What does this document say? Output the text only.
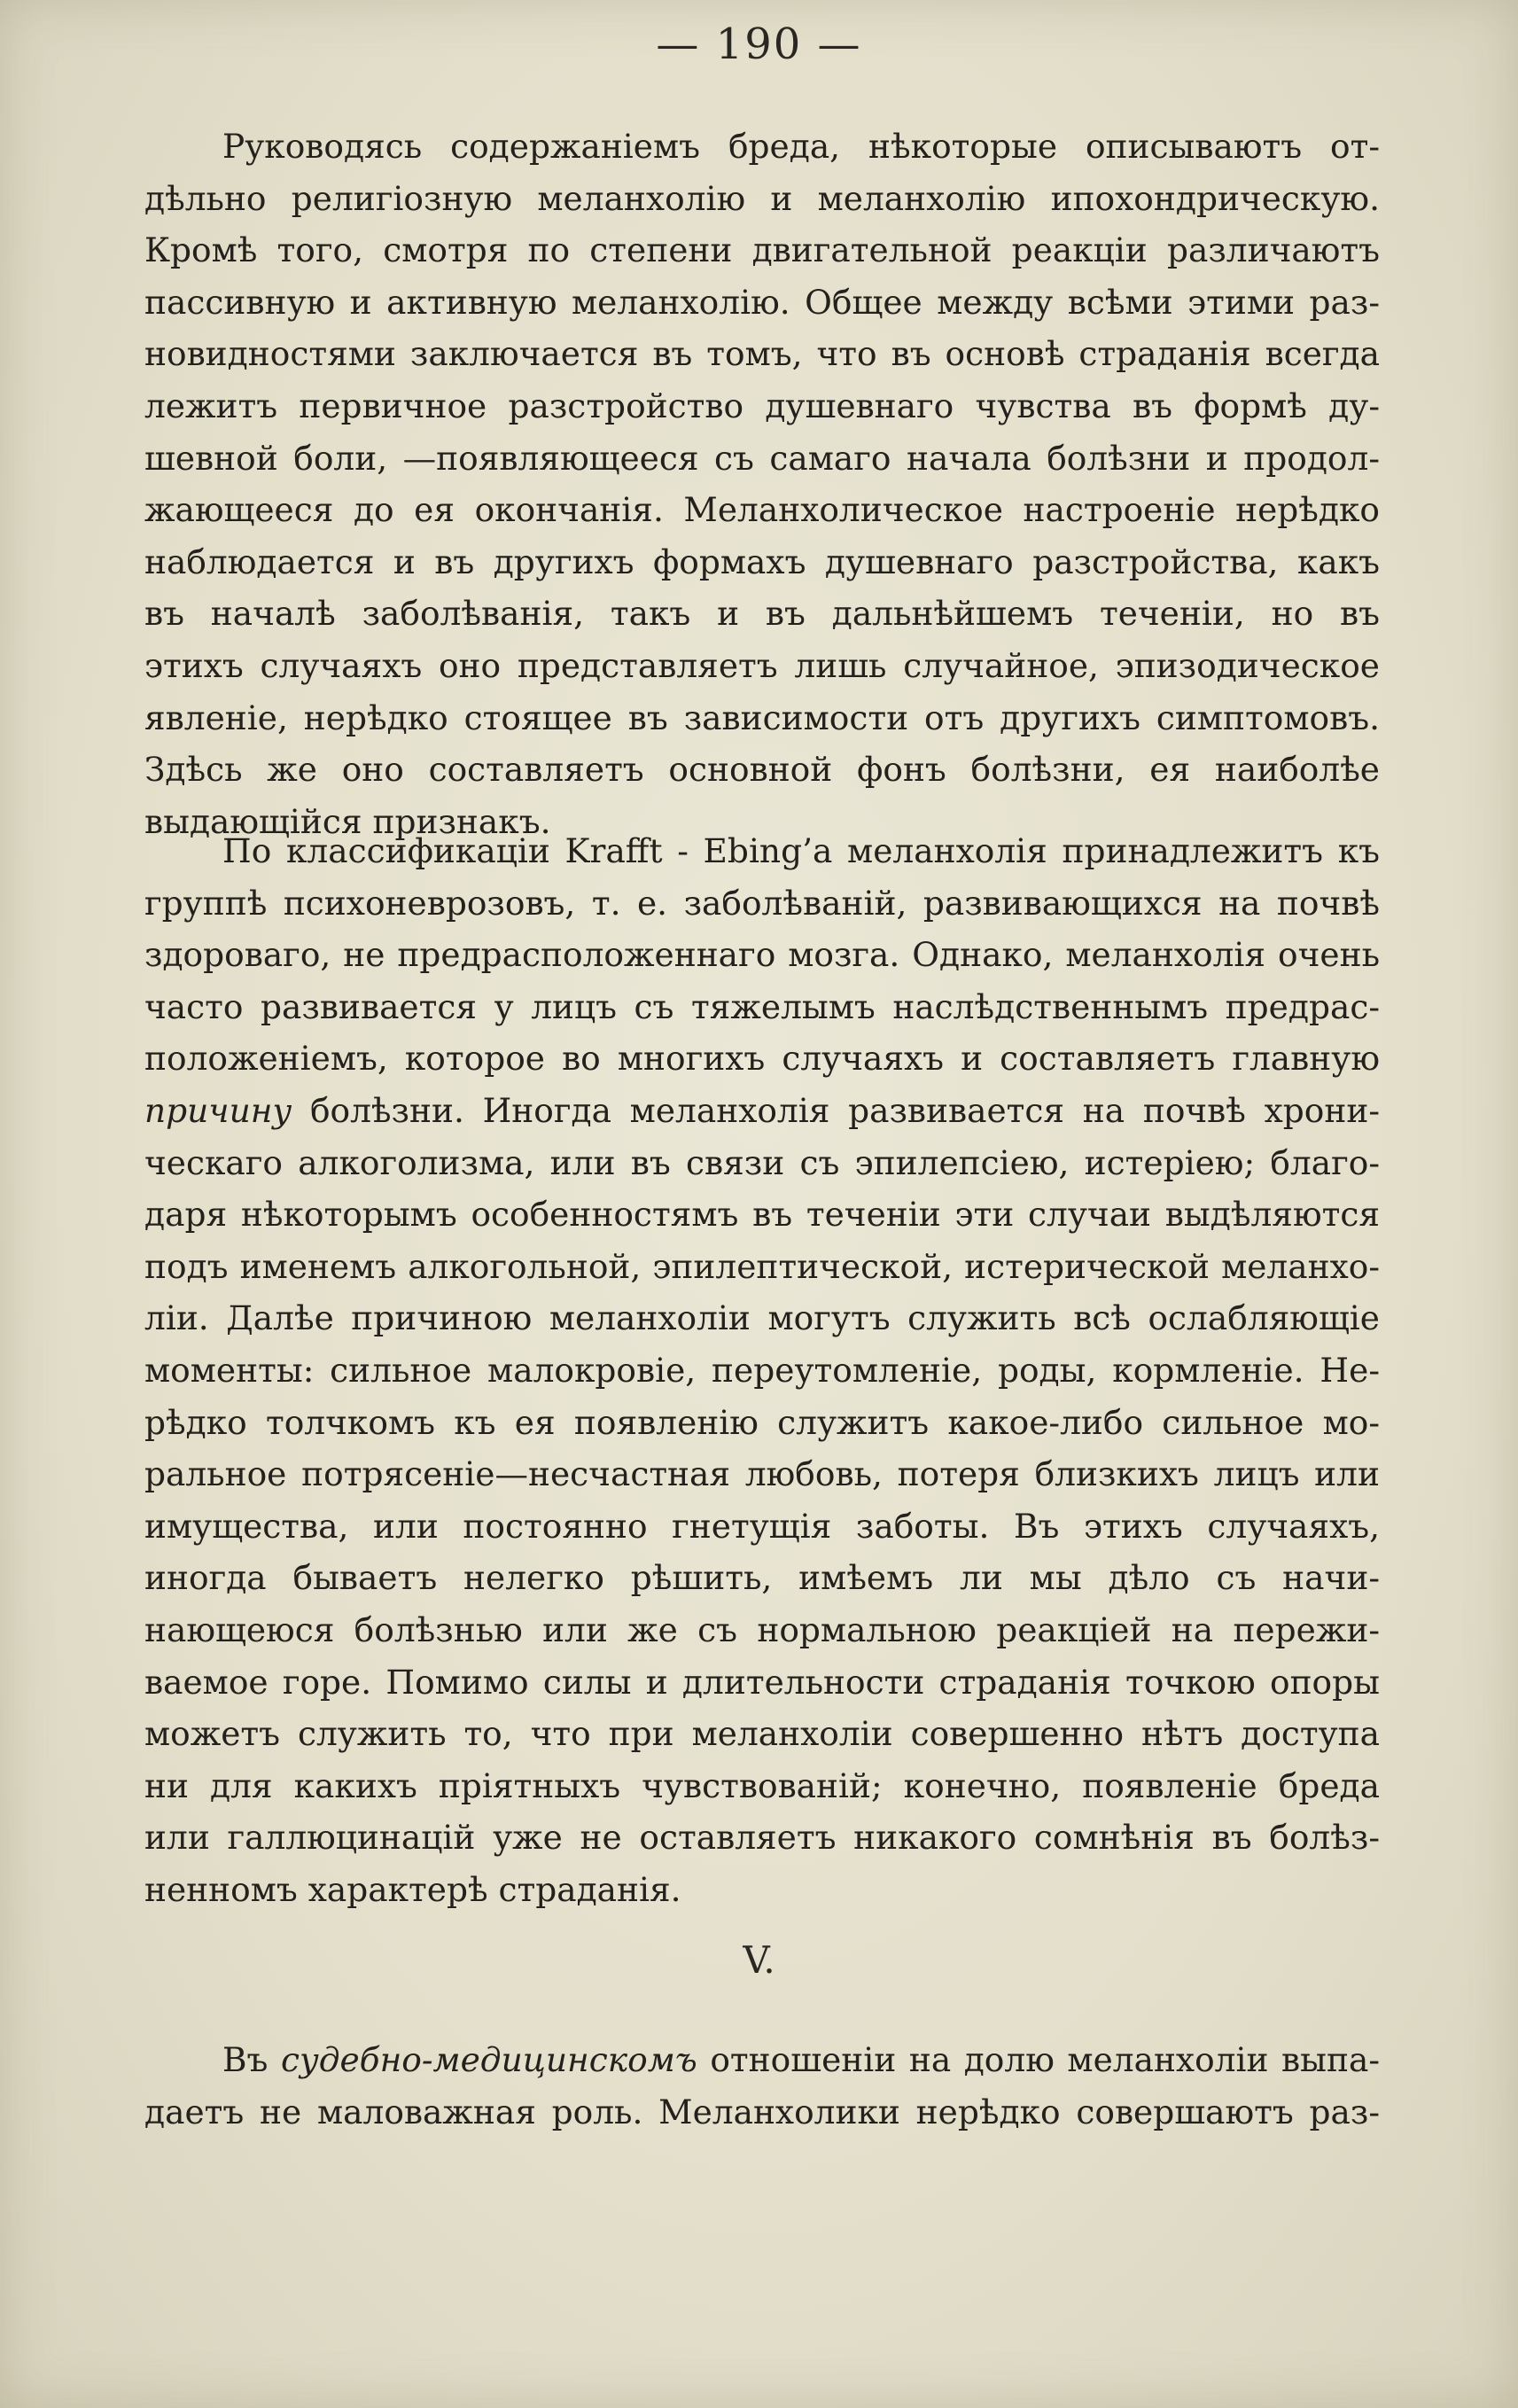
— 190 —
Руководясь содержаніемъ бреда, нѣкоторые описываютъ от-
дѣльно религіозную меланхолію и меланхолію ипохондрическую.
Кромѣ того, смотря по степени двигательной реакціи различаютъ
пассивную и активную меланхолію. Общее между всѣми этими раз-
новидностями заключается въ томъ, что въ основѣ страданія всегда
лежитъ первичное разстройство душевнаго чувства въ формѣ ду-
шевной боли, —появляющееся съ самаго начала болѣзни и продол-
жающееся до ея окончанія. Меланхолическое настроеніе нерѣдко
наблюдается и въ другихъ формахъ душевнаго разстройства, какъ
въ началѣ заболѣванія, такъ и въ дальнѣйшемъ теченіи, но въ
этихъ случаяхъ оно представляетъ лишь случайное, эпизодическое
явленіе, нерѣдко стоящее въ зависимости отъ другихъ симптомовъ.
Здѣсь же оно составляетъ основной фонъ болѣзни, ея наиболѣе
выдающійся признакъ.
По классификаціи Krafft - Ebing’a меланхолія принадлежитъ къ
группѣ психоневрозовъ, т. е. заболѣваній, развивающихся на почвѣ
здороваго, не предрасположеннаго мозга. Однако, меланхолія очень
часто развивается у лицъ съ тяжелымъ наслѣдственнымъ предрас-
положеніемъ, которое во многихъ случаяхъ и составляетъ главную
причину болѣзни. Иногда меланхолія развивается на почвѣ хрони-
ческаго алкоголизма, или въ связи съ эпилепсіею, истеріею; благо-
даря нѣкоторымъ особенностямъ въ теченіи эти случаи выдѣляются
подъ именемъ алкогольной, эпилептической, истерической меланхо-
ліи. Далѣе причиною меланхоліи могутъ служить всѣ ослабляющіе
моменты: сильное малокровіе, переутомленіе, роды, кормленіе. Не-
рѣдко толчкомъ къ ея появленію служитъ какое-либо сильное мо-
ральное потрясеніе—несчастная любовь, потеря близкихъ лицъ или
имущества, или постоянно гнетущія заботы. Въ этихъ случаяхъ,
иногда бываетъ нелегко рѣшить, имѣемъ ли мы дѣло съ начи-
нающеюся болѣзнью или же съ нормальною реакціей на пережи-
ваемое горе. Помимо силы и длительности страданія точкою опоры
можетъ служить то, что при меланхоліи совершенно нѣтъ доступа
ни для какихъ пріятныхъ чувствованій; конечно, появленіе бреда
или галлюцинацій уже не оставляетъ никакого сомнѣнія въ болѣз-
ненномъ характерѣ страданія.
V.
Въ судебно-медицинскомъ отношеніи на долю меланхоліи выпа-
даетъ не маловажная роль. Меланхолики нерѣдко совершаютъ раз-
